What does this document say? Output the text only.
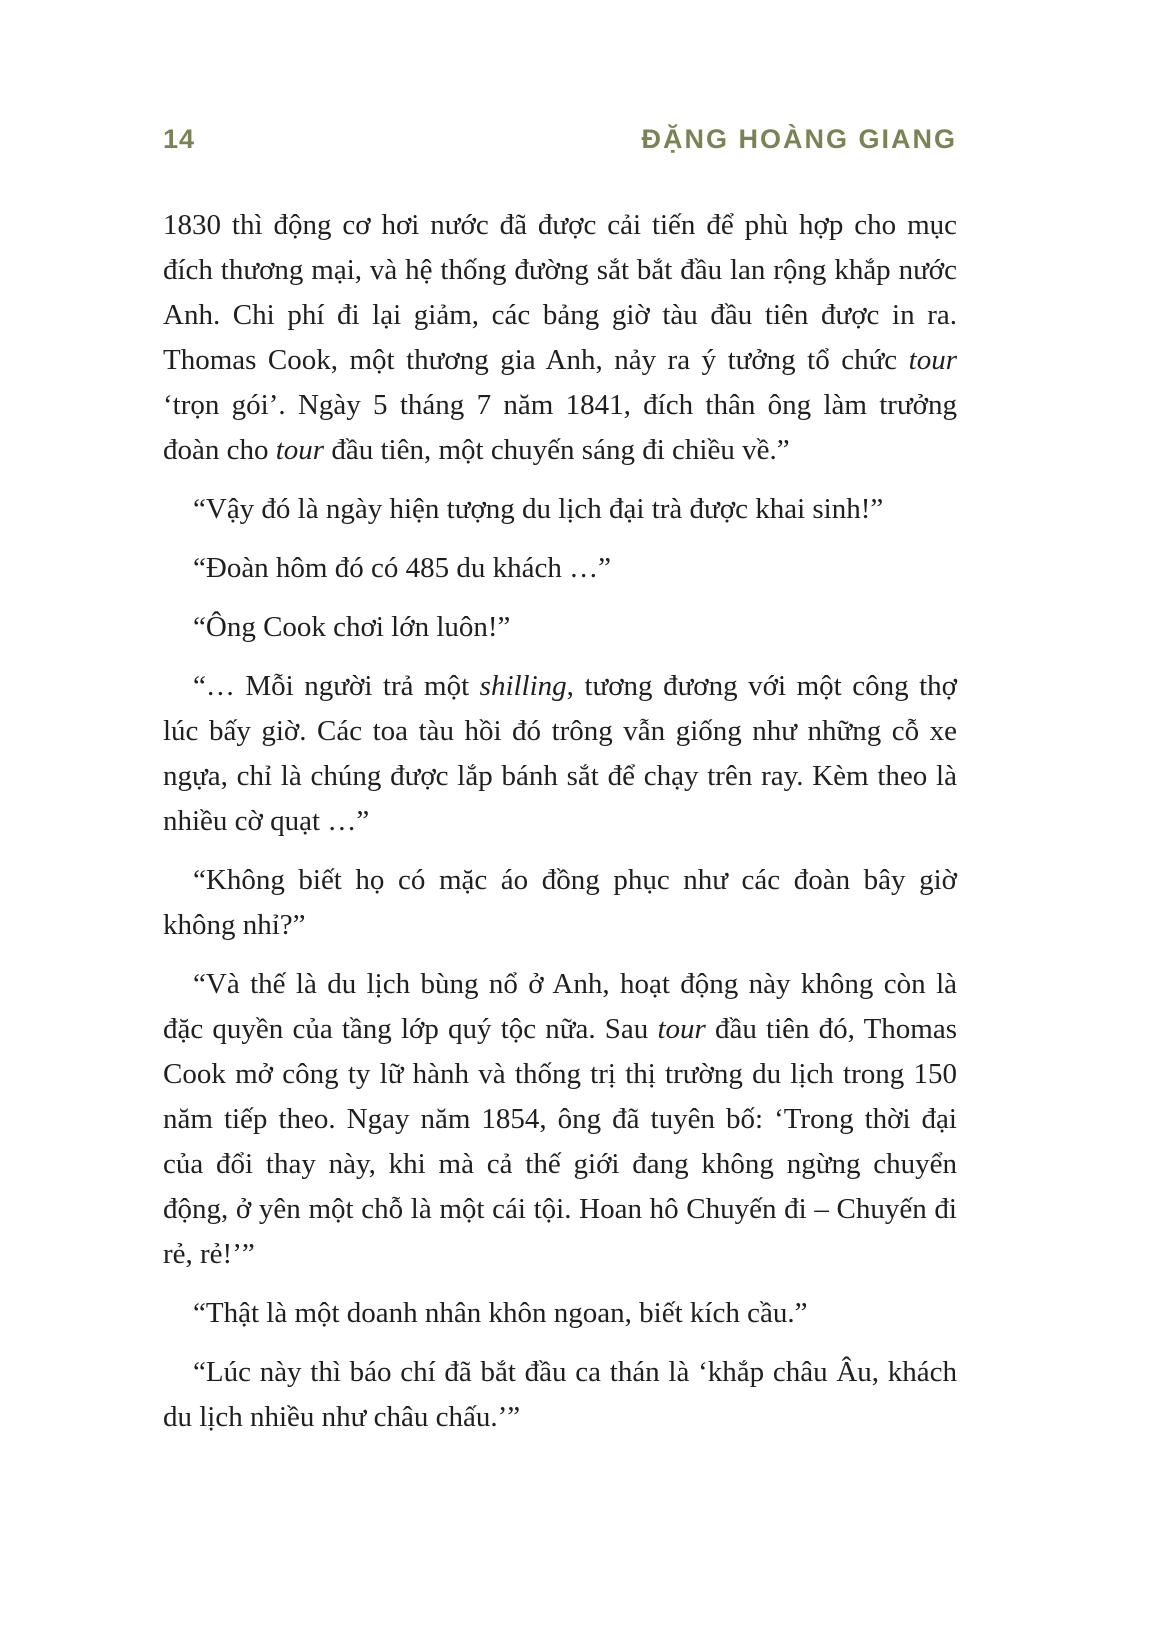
14	ĐẶNG HOÀNG GIANG

1830 thì động cơ hơi nước đã được cải tiến để phù hợp cho mục đích thương mại, và hệ thống đường sắt bắt đầu lan rộng khắp nước Anh. Chi phí đi lại giảm, các bảng giờ tàu đầu tiên được in ra. Thomas Cook, một thương gia Anh, nảy ra ý tưởng tổ chức tour ‘trọn gói’. Ngày 5 tháng 7 năm 1841, đích thân ông làm trưởng đoàn cho tour đầu tiên, một chuyến sáng đi chiều về.”

“Vậy đó là ngày hiện tượng du lịch đại trà được khai sinh!”

“Đoàn hôm đó có 485 du khách …”

“Ông Cook chơi lớn luôn!”

“… Mỗi người trả một shilling, tương đương với một công thợ lúc bấy giờ. Các toa tàu hồi đó trông vẫn giống như những cỗ xe ngựa, chỉ là chúng được lắp bánh sắt để chạy trên ray. Kèm theo là nhiều cờ quạt …”

“Không biết họ có mặc áo đồng phục như các đoàn bây giờ không nhỉ?”

“Và thế là du lịch bùng nổ ở Anh, hoạt động này không còn là đặc quyền của tầng lớp quý tộc nữa. Sau tour đầu tiên đó, Thomas Cook mở công ty lữ hành và thống trị thị trường du lịch trong 150 năm tiếp theo. Ngay năm 1854, ông đã tuyên bố: ‘Trong thời đại của đổi thay này, khi mà cả thế giới đang không ngừng chuyển động, ở yên một chỗ là một cái tội. Hoan hô Chuyến đi – Chuyến đi rẻ, rẻ!’”

“Thật là một doanh nhân khôn ngoan, biết kích cầu.”

“Lúc này thì báo chí đã bắt đầu ca thán là ‘khắp châu Âu, khách du lịch nhiều như châu chấu.’”
